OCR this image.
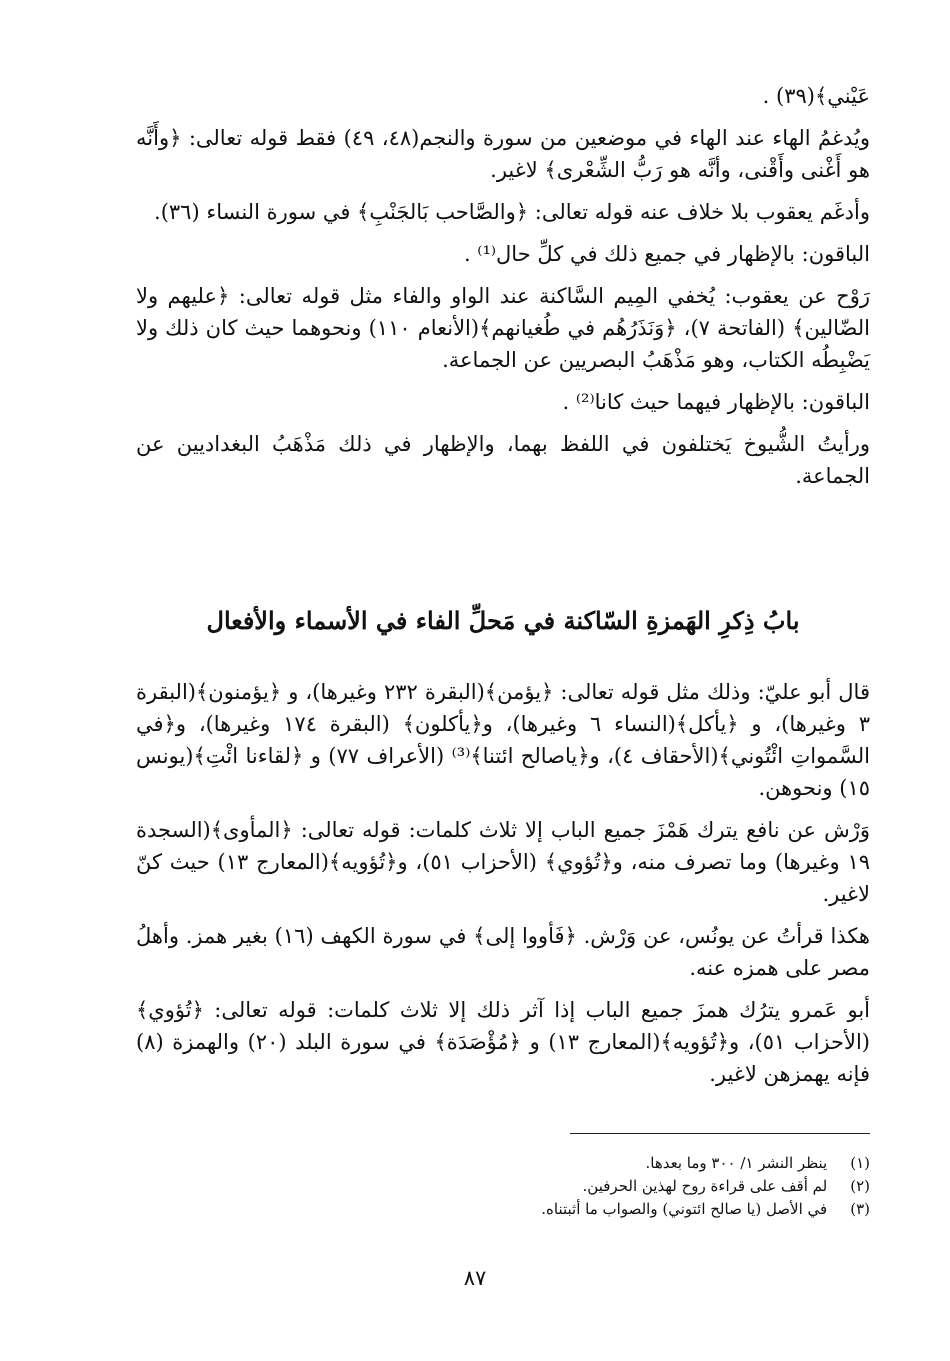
عَيْني﴾(٣٩) .

ويُدغمُ الهاء عند الهاء في موضعين من سورة والنجم(٤٨، ٤٩) فقط قوله تعالى: ﴿وأَنَّه هو أَغْنى وأَقْنى، وأنَّه هو رَبُّ الشِّعْرى﴾ لاغير.

وأدغَم يعقوب بلا خلاف عنه قوله تعالى: ﴿والصَّاحب بَالجَنْبِ﴾ في سورة النساء (٣٦).

الباقون: بالإظهار في جميع ذلك في كلِّ حال⁽¹⁾ .

رَوْح عن يعقوب: يُخفي المِيم السَّاكنة عند الواو والفاء مثل قوله تعالى: ﴿عليهم ولا الضّالين﴾ (الفاتحة ٧)، ﴿وَنَذَرُهُم في طُغيانهم﴾(الأنعام ١١٠) ونحوهما حيث كان ذلك ولا يَضْبِطُه الكتاب، وهو مَذْهَبُ البصريين عن الجماعة.

الباقون: بالإظهار فيهما حيث كانا⁽²⁾ .

ورأيتُ الشُّيوخ يَختلفون في اللفظ بهما، والإظهار في ذلك مَذْهَبُ البغداديين عن الجماعة.

بابُ ذِكرِ الهَمزةِ السّاكنة في مَحلِّ الفاء في الأسماء والأفعال

قال أبو عليّ: وذلك مثل قوله تعالى: ﴿يؤمن﴾(البقرة ٢٣٢ وغيرها)، و ﴿يؤمنون﴾(البقرة ٣ وغيرها)، و ﴿يأكل﴾(النساء ٦ وغيرها)، و﴿يأكلون﴾ (البقرة ١٧٤ وغيرها)، و﴿في السَّمواتِ ائْتُوني﴾(الأحقاف ٤)، و﴿ياصالح ائتنا﴾⁽³⁾ (الأعراف ٧٧) و ﴿لقاءنا ائْتِ﴾(يونس ١٥) ونحوهن.

وَرْش عن نافع يترك هَمْزَ جميع الباب إلا ثلاث كلمات: قوله تعالى: ﴿المأوى﴾(السجدة ١٩ وغيرها) وما تصرف منه، و﴿تُؤوي﴾ (الأحزاب ٥١)، و﴿تُؤويه﴾(المعارج ١٣) حيث كنّ لاغير.

هكذا قرأتُ عن يونُس، عن وَرْش. ﴿فَأووا إلى﴾ في سورة الكهف (١٦) بغير همز. وأهلُ مصر على همزه عنه.

أبو عَمرو يترُك همزَ جميع الباب إذا آثر ذلك إلا ثلاث كلمات: قوله تعالى: ﴿تُؤوي﴾(الأحزاب ٥١)، و﴿تُؤويه﴾(المعارج ١٣) و ﴿مُؤْصَدَة﴾ في سورة البلد (٢٠) والهمزة (٨) فإنه يهمزهن لاغير.

(١) ينظر النشر ١/ ٣٠٠ وما بعدها.
(٢) لم أقف على قراءة روح لهذين الحرفين.
(٣) في الأصل (يا صالح ائتوني) والصواب ما أثبتناه.
٨٧
